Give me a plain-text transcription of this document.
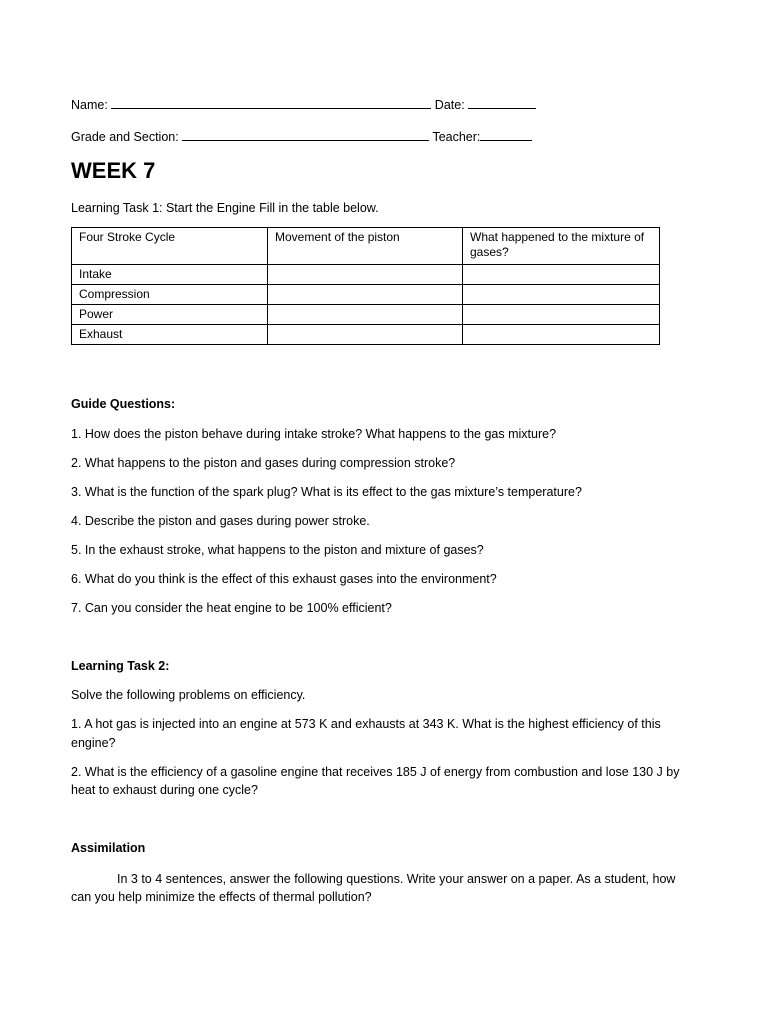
Name:	Date:
Grade and Section:	Teacher:
WEEK 7
Learning Task 1: Start the Engine Fill in the table below.
Four Stroke Cycle	Movement of the piston	What happened to the mixture of gases?
Intake		
Compression		
Power		
Exhaust		
Guide Questions:
1. How does the piston behave during intake stroke? What happens to the gas mixture?
2. What happens to the piston and gases during compression stroke?
3. What is the function of the spark plug? What is its effect to the gas mixture’s temperature?
4. Describe the piston and gases during power stroke.
5. In the exhaust stroke, what happens to the piston and mixture of gases?
6. What do you think is the effect of this exhaust gases into the environment?
7. Can you consider the heat engine to be 100% efficient?
Learning Task 2:
Solve the following problems on efficiency.
1. A hot gas is injected into an engine at 573 K and exhausts at 343 K. What is the highest efficiency of this
engine?
2. What is the efficiency of a gasoline engine that receives 185 J of energy from combustion and lose 130 J by
heat to exhaust during one cycle?
Assimilation
In 3 to 4 sentences, answer the following questions. Write your answer on a paper. As a student, how
can you help minimize the effects of thermal pollution?
